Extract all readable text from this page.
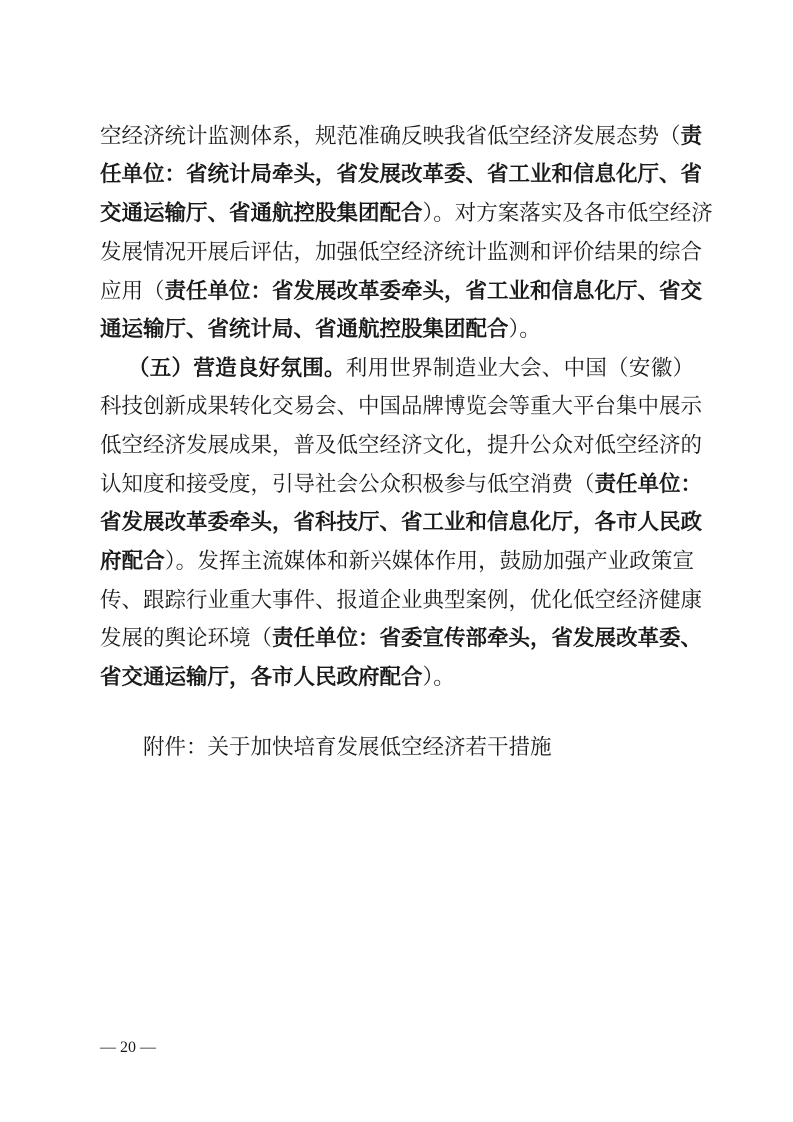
空经济统计监测体系，规范准确反映我省低空经济发展态势（责
任单位：省统计局牵头，省发展改革委、省工业和信息化厅、省
交通运输厅、省通航控股集团配合）。对方案落实及各市低空经济
发展情况开展后评估，加强低空经济统计监测和评价结果的综合
应用（责任单位：省发展改革委牵头，省工业和信息化厅、省交
通运输厅、省统计局、省通航控股集团配合）。
（五）营造良好氛围。利用世界制造业大会、中国（安徽）
科技创新成果转化交易会、中国品牌博览会等重大平台集中展示
低空经济发展成果，普及低空经济文化，提升公众对低空经济的
认知度和接受度，引导社会公众积极参与低空消费（责任单位：
省发展改革委牵头，省科技厅、省工业和信息化厅，各市人民政
府配合）。发挥主流媒体和新兴媒体作用，鼓励加强产业政策宣
传、跟踪行业重大事件、报道企业典型案例，优化低空经济健康
发展的舆论环境（责任单位：省委宣传部牵头，省发展改革委、
省交通运输厅，各市人民政府配合）。
附件：关于加快培育发展低空经济若干措施
— 20 —
